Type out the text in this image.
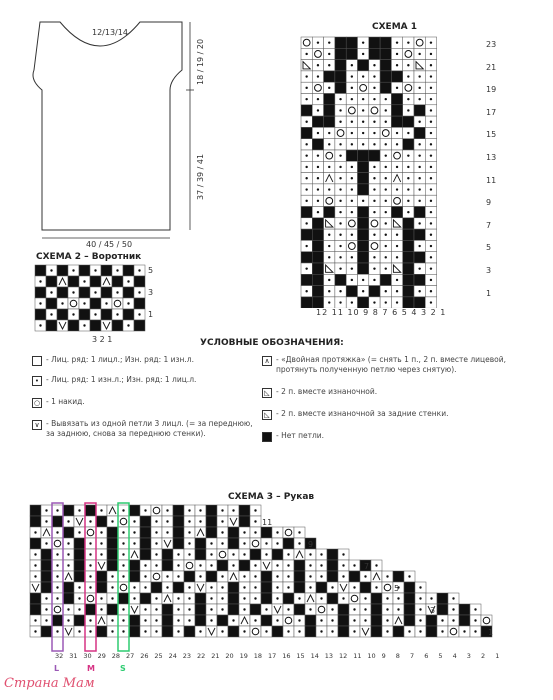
12/13/14
40 / 45 / 50
18 / 19 / 20
37 / 39 / 41
СХЕМА 1
23
21
19
17
15
13
11
9
7
5
3
1
12 11 10 9 8 7 6 5 4 3 2 1
СХЕМА 2 – Воротник
5
3
1
3 2 1	УСЛОВНЫЕ ОБОЗНАЧЕНИЯ:
- Лиц. ряд: 1 лицл.; Изн. ряд: 1 изн.л.
• - Лиц. ряд: 1 изн.л.; Изн. ряд: 1 лиц.л.
○ - 1 накид.
∨ - Вывязать из одной петли 3 лицл. (= за переднюю, за заднюю, снова за переднюю стенки).
∧ - «Двойная протяжка» (= снять 1 п., 2 п. вместе лицевой, протянуть полученную петлю через снятую).
◺ - 2 п. вместе изнаночной.
◺ - 2 п. вместе изнаночной за задние стенки.
- Нет петли.
СХЕМА 3 – Рукав
11
9
7
5
3
1
32 31 30 29 28 27 26 25 24 23 22 21 20 19 18 17 16 15 14 13 12 11 10 9 8 7 6 5 4 3 2 1
L	M	S
Страна Мам
